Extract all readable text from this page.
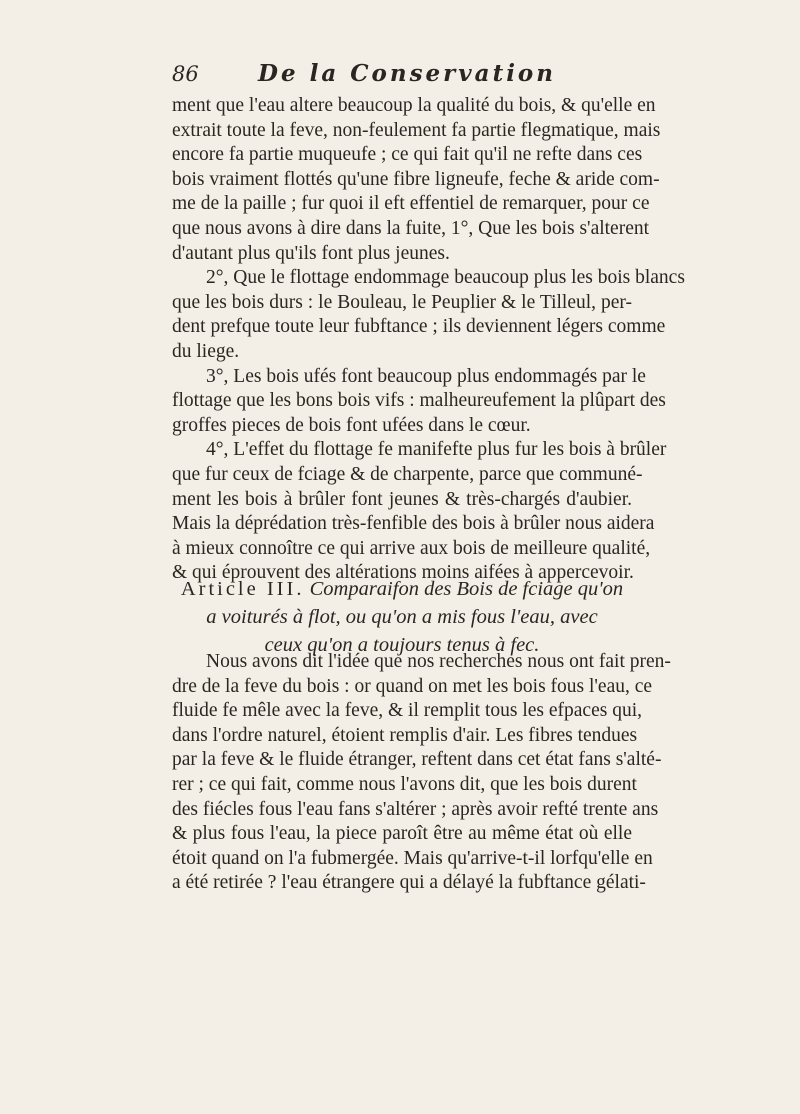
86	De la Conservation
ment que l'eau altere beaucoup la qualité du bois, & qu'elle en
extrait toute la feve, non-feulement fa partie flegmatique, mais
encore fa partie muqueufe ; ce qui fait qu'il ne refte dans ces
bois vraiment flottés qu'une fibre ligneufe, feche & aride com-
me de la paille ; fur quoi il eft effentiel de remarquer, pour ce
que nous avons à dire dans la fuite, 1°, Que les bois s'alterent
d'autant plus qu'ils font plus jeunes.
2°, Que le flottage endommage beaucoup plus les bois blancs
que les bois durs : le Bouleau, le Peuplier & le Tilleul, per-
dent prefque toute leur fubftance ; ils deviennent légers comme
du liege.
3°, Les bois ufés font beaucoup plus endommagés par le
flottage que les bons bois vifs : malheureufement la plûpart des
groffes pieces de bois font ufées dans le cœur.
4°, L'effet du flottage fe manifefte plus fur les bois à brûler
que fur ceux de fciage & de charpente, parce que communé-
ment les bois à brûler font jeunes & très-chargés d'aubier.
Mais la déprédation très-fenfible des bois à brûler nous aidera
à mieux connoître ce qui arrive aux bois de meilleure qualité,
& qui éprouvent des altérations moins aifées à appercevoir.
Article III. Comparaifon des Bois de fciage qu'on
a voiturés à flot, ou qu'on a mis fous l'eau, avec
ceux qu'on a toujours tenus à fec.
Nous avons dit l'idée que nos recherches nous ont fait pren-
dre de la feve du bois : or quand on met les bois fous l'eau, ce
fluide fe mêle avec la feve, & il remplit tous les efpaces qui,
dans l'ordre naturel, étoient remplis d'air. Les fibres tendues
par la feve & le fluide étranger, reftent dans cet état fans s'alté-
rer ; ce qui fait, comme nous l'avons dit, que les bois durent
des fiécles fous l'eau fans s'altérer ; après avoir refté trente ans
& plus fous l'eau, la piece paroît être au même état où elle
étoit quand on l'a fubmergée. Mais qu'arrive-t-il lorfqu'elle en
a été retirée ? l'eau étrangere qui a délayé la fubftance gélati-
